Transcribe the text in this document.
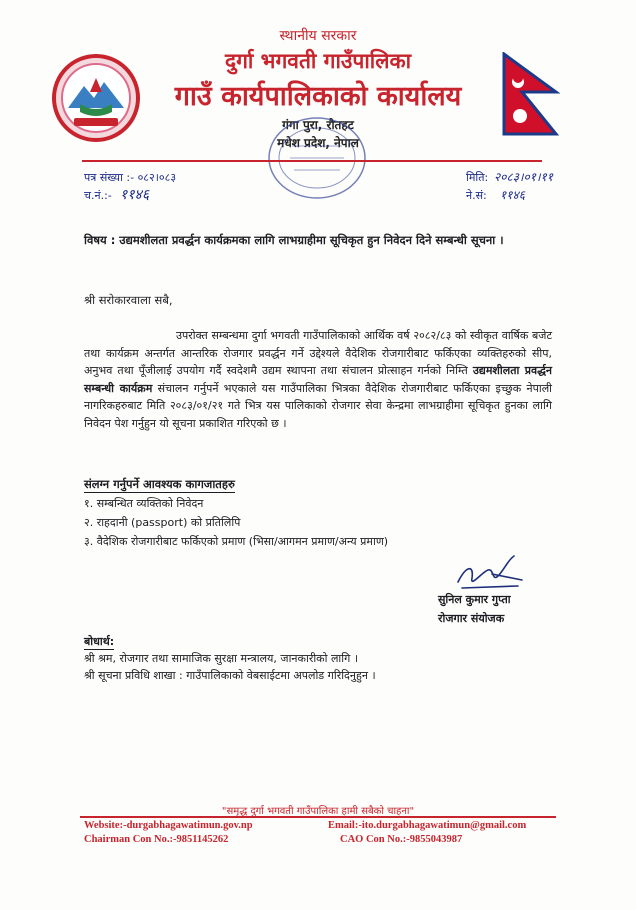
स्थानीय सरकार
दुर्गा भगवती गाउँपालिका
गाउँ कार्यपालिकाको कार्यालय
गंगा पुरा, रौतहट
मधेश प्रदेश, नेपाल
पत्र संख्या :- ०८२।०८३
च.नं.:- ११४६
मिति: २०८३।०१।११
ने.सं: ११४६
विषय : उद्यमशीलता प्रवर्द्धन कार्यक्रमका लागि लाभग्राहीमा सूचिकृत हुन निवेदन दिने सम्बन्धी सूचना ।
श्री सरोकारवाला सबै,
उपरोक्त सम्बन्धमा दुर्गा भगवती गाउँपालिकाको आर्थिक वर्ष २०८२/८३ को स्वीकृत वार्षिक बजेट तथा कार्यक्रम अन्तर्गत आन्तरिक रोजगार प्रवर्द्धन गर्ने उद्देश्यले वैदेशिक रोजगारीबाट फर्किएका व्यक्तिहरुको सीप, अनुभव तथा पूँजीलाई उपयोग गर्दै स्वदेशमै उद्यम स्थापना तथा संचालन प्रोत्साहन गर्नको निम्ति उद्यमशीलता प्रवर्द्धन सम्बन्धी कार्यक्रम संचालन गर्नुपर्ने भएकाले यस गाउँपालिका भित्रका वैदेशिक रोजगारीबाट फर्किएका इच्छुक नेपाली नागरिकहरुबाट मिति २०८३/०१/२१ गते भित्र यस पालिकाको रोजगार सेवा केन्द्रमा लाभग्राहीमा सूचिकृत हुनका लागि निवेदन पेश गर्नुहुन यो सूचना प्रकाशित गरिएको छ ।
संलग्न गर्नुपर्ने आवश्यक कागजातहरु
१. सम्बन्धित व्यक्तिको निवेदन
२. राहदानी (passport) को प्रतिलिपि
३. वैदेशिक रोजगारीबाट फर्किएको प्रमाण (भिसा/आगमन प्रमाण/अन्य प्रमाण)
सुनिल कुमार गुप्ता
रोजगार संयोजक
बोधार्थ:
श्री श्रम, रोजगार तथा सामाजिक सुरक्षा मन्त्रालय, जानकारीको लागि ।
श्री सूचना प्रविधि शाखा : गाउँपालिकाको वेबसाईटमा अपलोड गरिदिनुहुन ।
"समृद्ध दुर्गा भगवती गाउँपालिका हामी सबैको चाहना"
Website:-durgabhagawatimun.gov.np
Chairman Con No.:-9851145262
Email:-ito.durgabhagawatimun@gmail.com
CAO Con No.:-9855043987
